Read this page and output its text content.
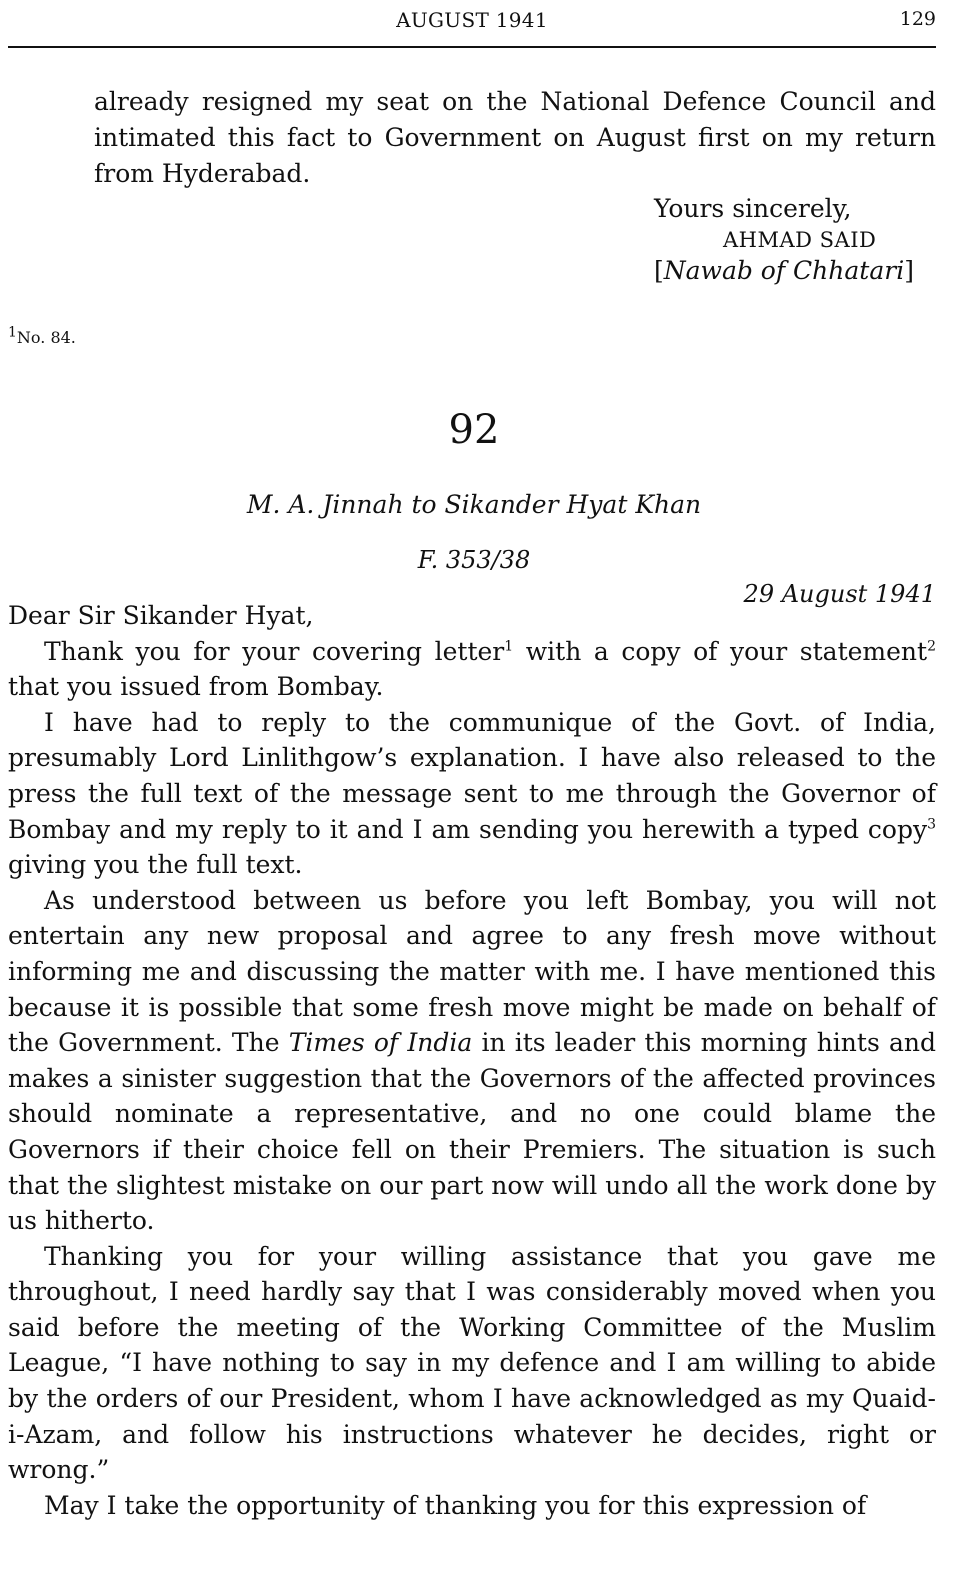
AUGUST 1941	129

already resigned my seat on the National Defence Council and intimated this fact to Government on August first on my return from Hyderabad.

Yours sincerely,

AHMAD SAID

[Nawab of Chhatari]

$^1$No. 84.

92

M. A. Jinnah to Sikander Hyat Khan

F. 353/38

29 August 1941

Dear Sir Sikander Hyat,

Thank you for your covering letter$^1$ with a copy of your statement$^2$ that you issued from Bombay.

I have had to reply to the communique of the Govt. of India, presumably Lord Linlithgow’s explanation. I have also released to the press the full text of the message sent to me through the Governor of Bombay and my reply to it and I am sending you herewith a typed copy$^3$ giving you the full text.

As understood between us before you left Bombay, you will not entertain any new proposal and agree to any fresh move without informing me and discussing the matter with me. I have mentioned this because it is possible that some fresh move might be made on behalf of the Government. The Times of India in its leader this morning hints and makes a sinister suggestion that the Governors of the affected provinces should nominate a representative, and no one could blame the Governors if their choice fell on their Premiers. The situation is such that the slightest mistake on our part now will undo all the work done by us hitherto.

Thanking you for your willing assistance that you gave me throughout, I need hardly say that I was considerably moved when you said before the meeting of the Working Committee of the Muslim League, “I have nothing to say in my defence and I am willing to abide by the orders of our President, whom I have acknowledged as my Quaid-i-Azam, and follow his instructions whatever he decides, right or wrong.”

May I take the opportunity of thanking you for this expression of
